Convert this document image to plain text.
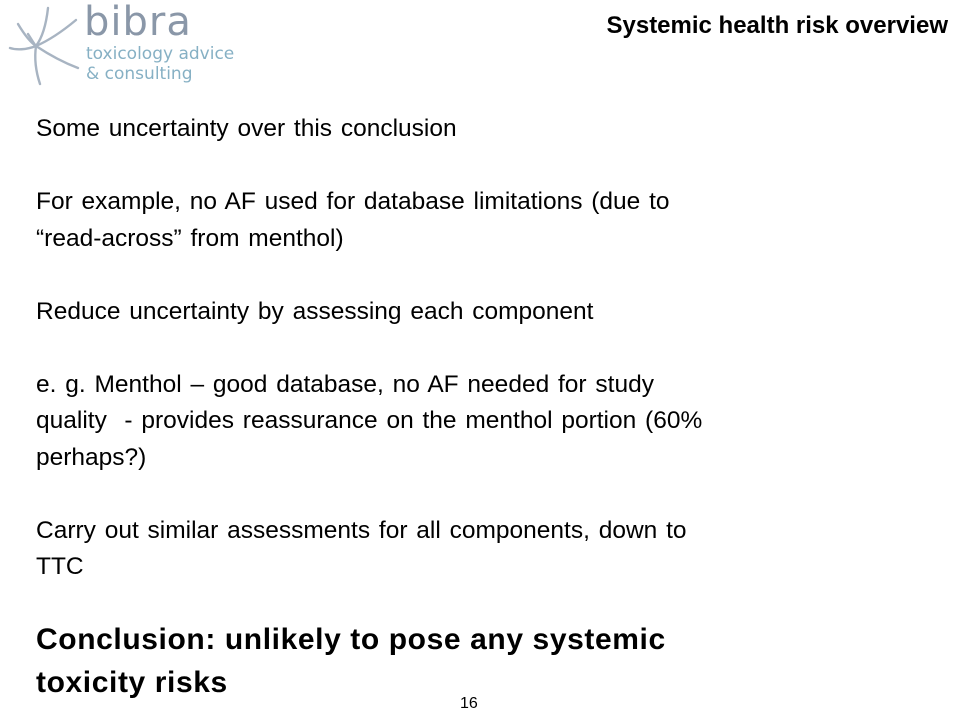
bibra
toxicology advice
& consulting
Systemic health risk overview

Some uncertainty over this conclusion

For example, no AF used for database limitations (due to

“read-across” from menthol)

Reduce uncertainty by assessing each component

e. g. Menthol – good database, no AF needed for study

quality  - provides reassurance on the menthol portion (60%

perhaps?)

Carry out similar assessments for all components, down to

TTC

Conclusion: unlikely to pose any systemic
toxicity risks
16
